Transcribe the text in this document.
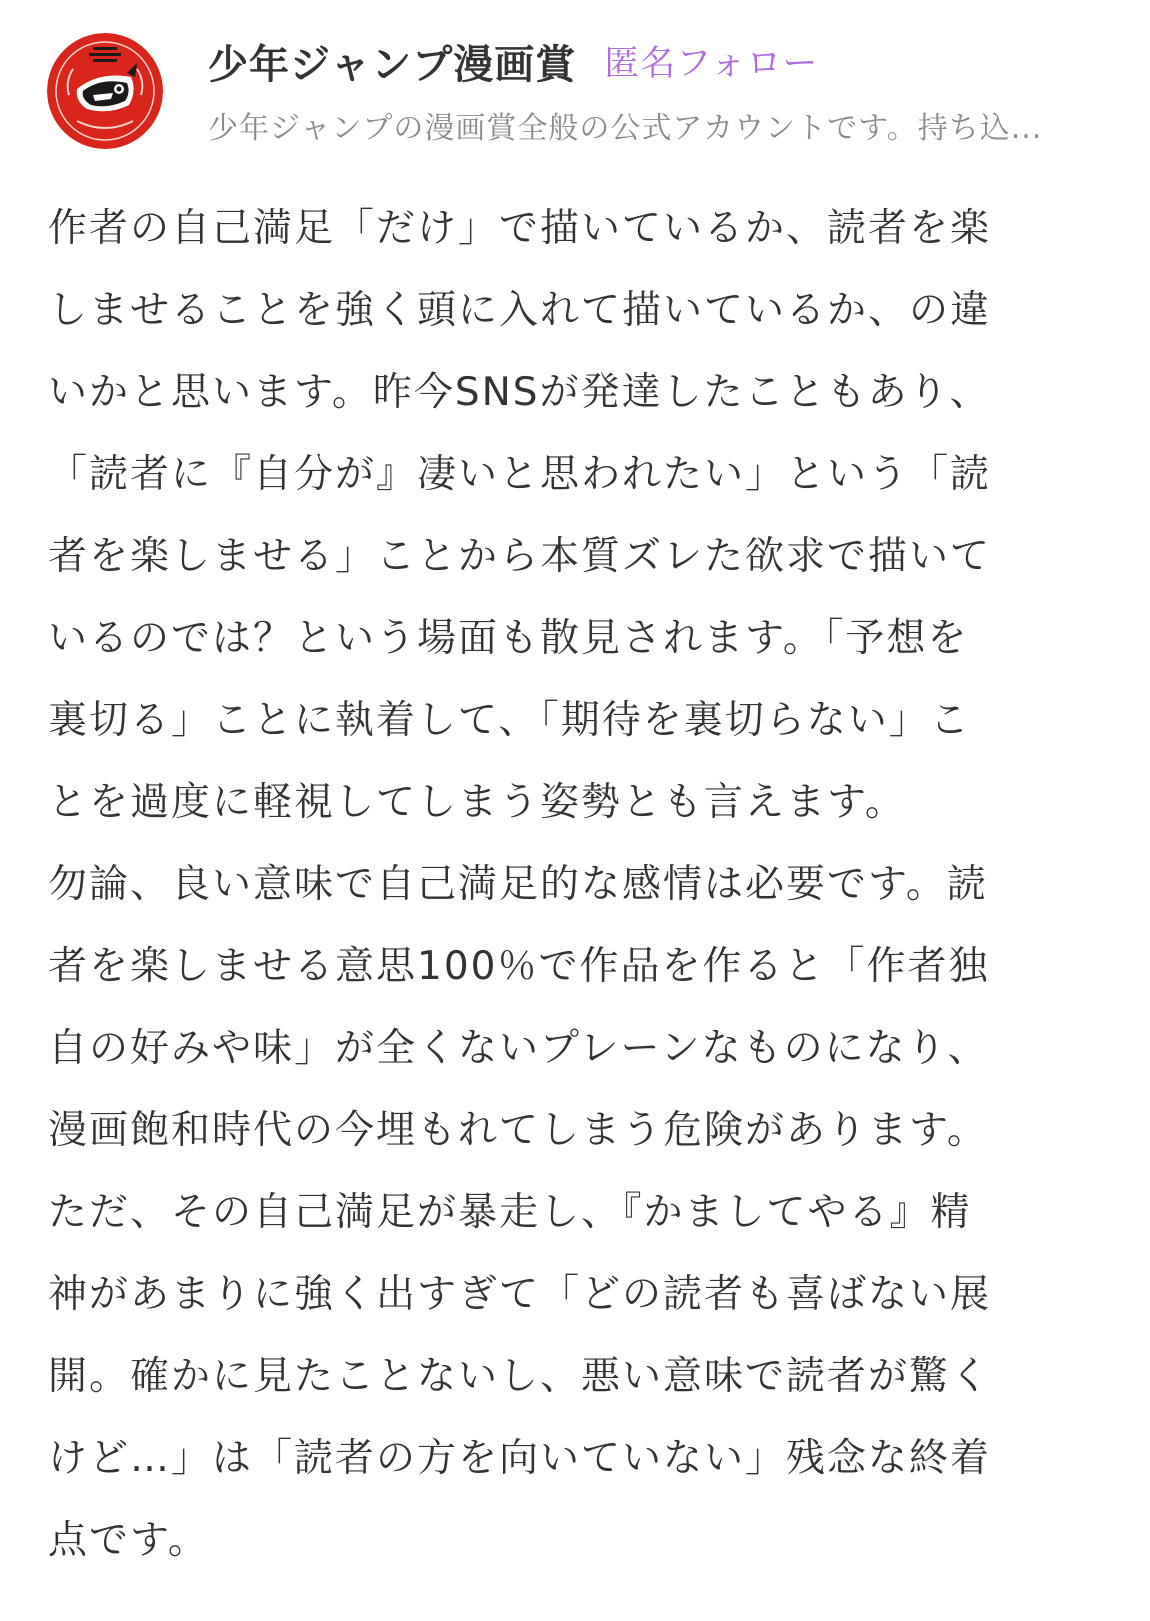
少年ジャンプ漫画賞 匿名フォロー
少年ジャンプの漫画賞全般の公式アカウントです。持ち込...
作者の自己満足「だけ」で描いているか、読者を楽
しませることを強く頭に入れて描いているか、の違
いかと思います。昨今SNSが発達したこともあり、
「読者に『自分が』凄いと思われたい」という「読
者を楽しませる」ことから本質ズレた欲求で描いて
いるのでは？という場面も散見されます。「予想を
裏切る」ことに執着して、「期待を裏切らない」こ
とを過度に軽視してしまう姿勢とも言えます。
勿論、良い意味で自己満足的な感情は必要です。読
者を楽しませる意思100％で作品を作ると「作者独
自の好みや味」が全くないプレーンなものになり、
漫画飽和時代の今埋もれてしまう危険があります。
ただ、その自己満足が暴走し、『かましてやる』精
神があまりに強く出すぎて「どの読者も喜ばない展
開。確かに見たことないし、悪い意味で読者が驚く
けど…」は「読者の方を向いていない」残念な終着
点です。
